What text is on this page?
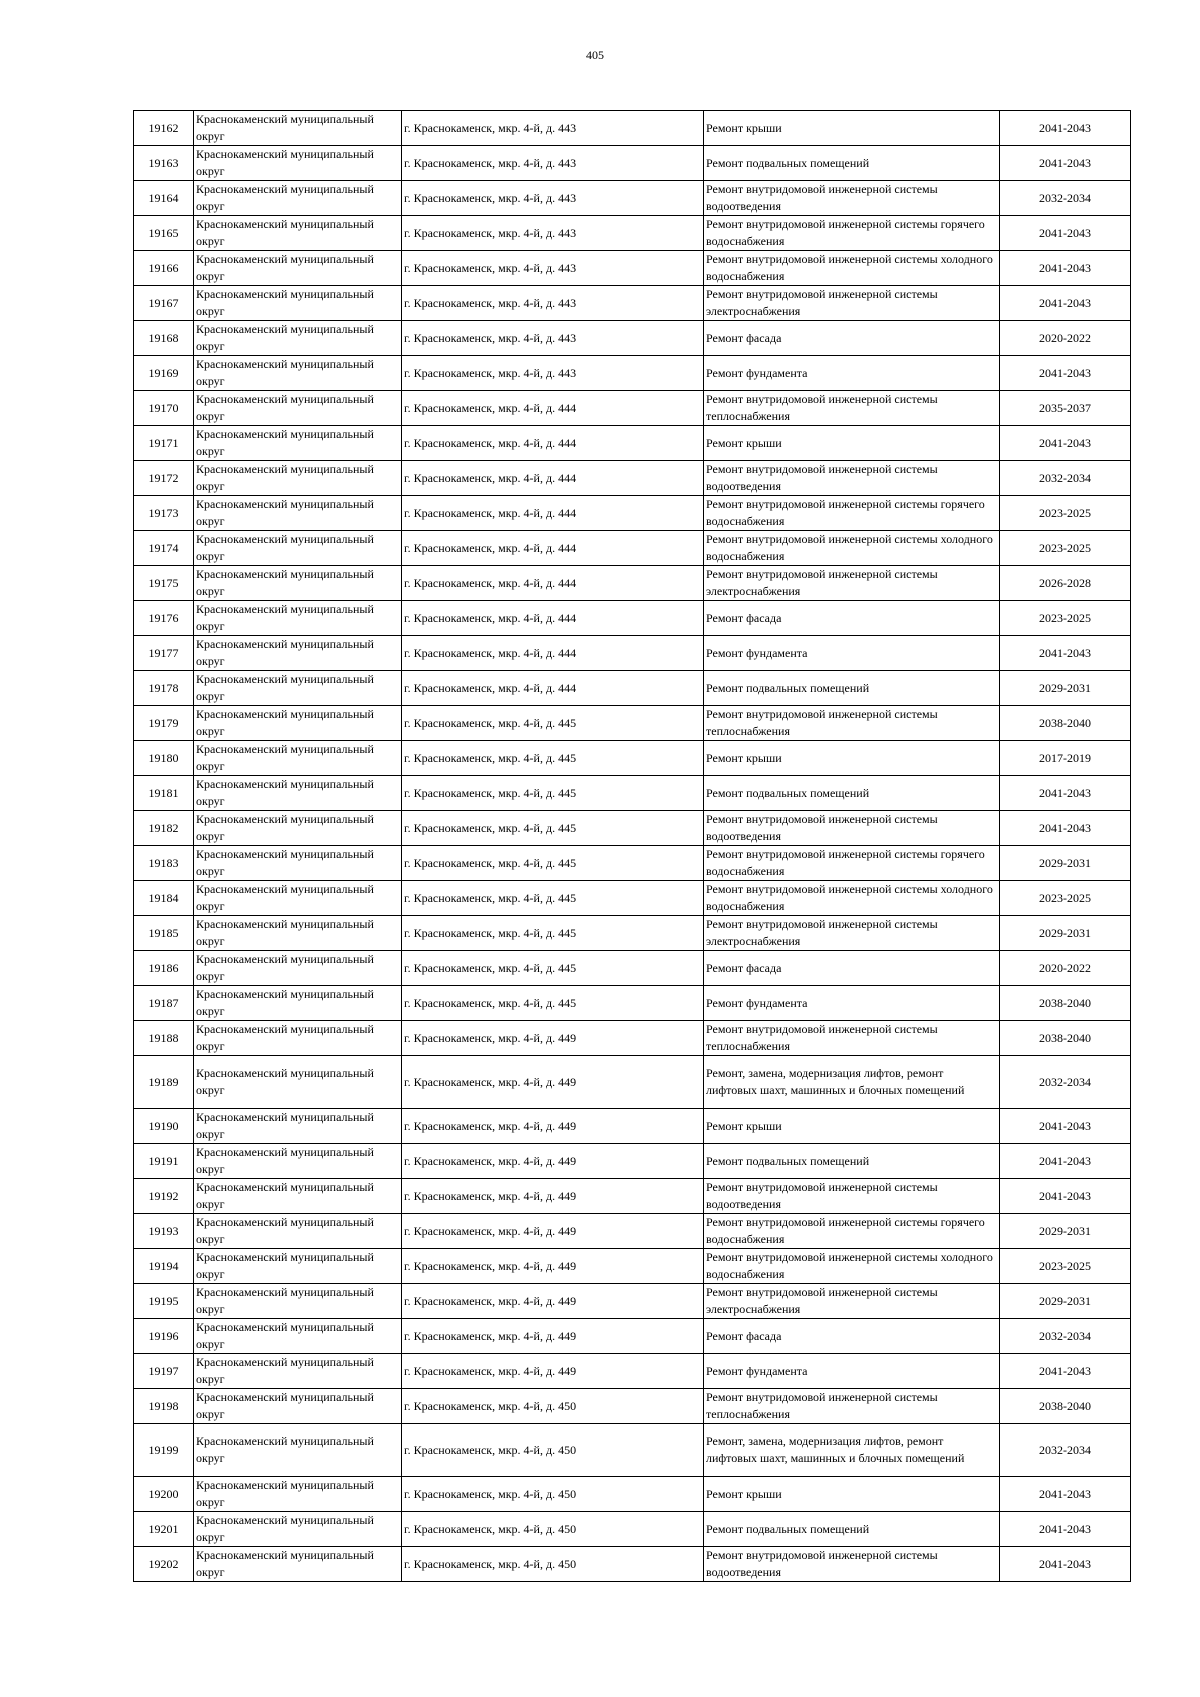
405
19162	Краснокаменский муниципальный округ	г. Краснокаменск, мкр. 4-й, д. 443	Ремонт крыши	2041-2043
19163	Краснокаменский муниципальный округ	г. Краснокаменск, мкр. 4-й, д. 443	Ремонт подвальных помещений	2041-2043
19164	Краснокаменский муниципальный округ	г. Краснокаменск, мкр. 4-й, д. 443	Ремонт внутридомовой инженерной системы водоотведения	2032-2034
19165	Краснокаменский муниципальный округ	г. Краснокаменск, мкр. 4-й, д. 443	Ремонт внутридомовой инженерной системы горячего водоснабжения	2041-2043
19166	Краснокаменский муниципальный округ	г. Краснокаменск, мкр. 4-й, д. 443	Ремонт внутридомовой инженерной системы холодного водоснабжения	2041-2043
19167	Краснокаменский муниципальный округ	г. Краснокаменск, мкр. 4-й, д. 443	Ремонт внутридомовой инженерной системы электроснабжения	2041-2043
19168	Краснокаменский муниципальный округ	г. Краснокаменск, мкр. 4-й, д. 443	Ремонт фасада	2020-2022
19169	Краснокаменский муниципальный округ	г. Краснокаменск, мкр. 4-й, д. 443	Ремонт фундамента	2041-2043
19170	Краснокаменский муниципальный округ	г. Краснокаменск, мкр. 4-й, д. 444	Ремонт внутридомовой инженерной системы теплоснабжения	2035-2037
19171	Краснокаменский муниципальный округ	г. Краснокаменск, мкр. 4-й, д. 444	Ремонт крыши	2041-2043
19172	Краснокаменский муниципальный округ	г. Краснокаменск, мкр. 4-й, д. 444	Ремонт внутридомовой инженерной системы водоотведения	2032-2034
19173	Краснокаменский муниципальный округ	г. Краснокаменск, мкр. 4-й, д. 444	Ремонт внутридомовой инженерной системы горячего водоснабжения	2023-2025
19174	Краснокаменский муниципальный округ	г. Краснокаменск, мкр. 4-й, д. 444	Ремонт внутридомовой инженерной системы холодного водоснабжения	2023-2025
19175	Краснокаменский муниципальный округ	г. Краснокаменск, мкр. 4-й, д. 444	Ремонт внутридомовой инженерной системы электроснабжения	2026-2028
19176	Краснокаменский муниципальный округ	г. Краснокаменск, мкр. 4-й, д. 444	Ремонт фасада	2023-2025
19177	Краснокаменский муниципальный округ	г. Краснокаменск, мкр. 4-й, д. 444	Ремонт фундамента	2041-2043
19178	Краснокаменский муниципальный округ	г. Краснокаменск, мкр. 4-й, д. 444	Ремонт подвальных помещений	2029-2031
19179	Краснокаменский муниципальный округ	г. Краснокаменск, мкр. 4-й, д. 445	Ремонт внутридомовой инженерной системы теплоснабжения	2038-2040
19180	Краснокаменский муниципальный округ	г. Краснокаменск, мкр. 4-й, д. 445	Ремонт крыши	2017-2019
19181	Краснокаменский муниципальный округ	г. Краснокаменск, мкр. 4-й, д. 445	Ремонт подвальных помещений	2041-2043
19182	Краснокаменский муниципальный округ	г. Краснокаменск, мкр. 4-й, д. 445	Ремонт внутридомовой инженерной системы водоотведения	2041-2043
19183	Краснокаменский муниципальный округ	г. Краснокаменск, мкр. 4-й, д. 445	Ремонт внутридомовой инженерной системы горячего водоснабжения	2029-2031
19184	Краснокаменский муниципальный округ	г. Краснокаменск, мкр. 4-й, д. 445	Ремонт внутридомовой инженерной системы холодного водоснабжения	2023-2025
19185	Краснокаменский муниципальный округ	г. Краснокаменск, мкр. 4-й, д. 445	Ремонт внутридомовой инженерной системы электроснабжения	2029-2031
19186	Краснокаменский муниципальный округ	г. Краснокаменск, мкр. 4-й, д. 445	Ремонт фасада	2020-2022
19187	Краснокаменский муниципальный округ	г. Краснокаменск, мкр. 4-й, д. 445	Ремонт фундамента	2038-2040
19188	Краснокаменский муниципальный округ	г. Краснокаменск, мкр. 4-й, д. 449	Ремонт внутридомовой инженерной системы теплоснабжения	2038-2040
19189	Краснокаменский муниципальный округ	г. Краснокаменск, мкр. 4-й, д. 449	Ремонт, замена, модернизация лифтов, ремонт лифтовых шахт, машинных и блочных помещений	2032-2034
19190	Краснокаменский муниципальный округ	г. Краснокаменск, мкр. 4-й, д. 449	Ремонт крыши	2041-2043
19191	Краснокаменский муниципальный округ	г. Краснокаменск, мкр. 4-й, д. 449	Ремонт подвальных помещений	2041-2043
19192	Краснокаменский муниципальный округ	г. Краснокаменск, мкр. 4-й, д. 449	Ремонт внутридомовой инженерной системы водоотведения	2041-2043
19193	Краснокаменский муниципальный округ	г. Краснокаменск, мкр. 4-й, д. 449	Ремонт внутридомовой инженерной системы горячего водоснабжения	2029-2031
19194	Краснокаменский муниципальный округ	г. Краснокаменск, мкр. 4-й, д. 449	Ремонт внутридомовой инженерной системы холодного водоснабжения	2023-2025
19195	Краснокаменский муниципальный округ	г. Краснокаменск, мкр. 4-й, д. 449	Ремонт внутридомовой инженерной системы электроснабжения	2029-2031
19196	Краснокаменский муниципальный округ	г. Краснокаменск, мкр. 4-й, д. 449	Ремонт фасада	2032-2034
19197	Краснокаменский муниципальный округ	г. Краснокаменск, мкр. 4-й, д. 449	Ремонт фундамента	2041-2043
19198	Краснокаменский муниципальный округ	г. Краснокаменск, мкр. 4-й, д. 450	Ремонт внутридомовой инженерной системы теплоснабжения	2038-2040
19199	Краснокаменский муниципальный округ	г. Краснокаменск, мкр. 4-й, д. 450	Ремонт, замена, модернизация лифтов, ремонт лифтовых шахт, машинных и блочных помещений	2032-2034
19200	Краснокаменский муниципальный округ	г. Краснокаменск, мкр. 4-й, д. 450	Ремонт крыши	2041-2043
19201	Краснокаменский муниципальный округ	г. Краснокаменск, мкр. 4-й, д. 450	Ремонт подвальных помещений	2041-2043
19202	Краснокаменский муниципальный округ	г. Краснокаменск, мкр. 4-й, д. 450	Ремонт внутридомовой инженерной системы водоотведения	2041-2043
